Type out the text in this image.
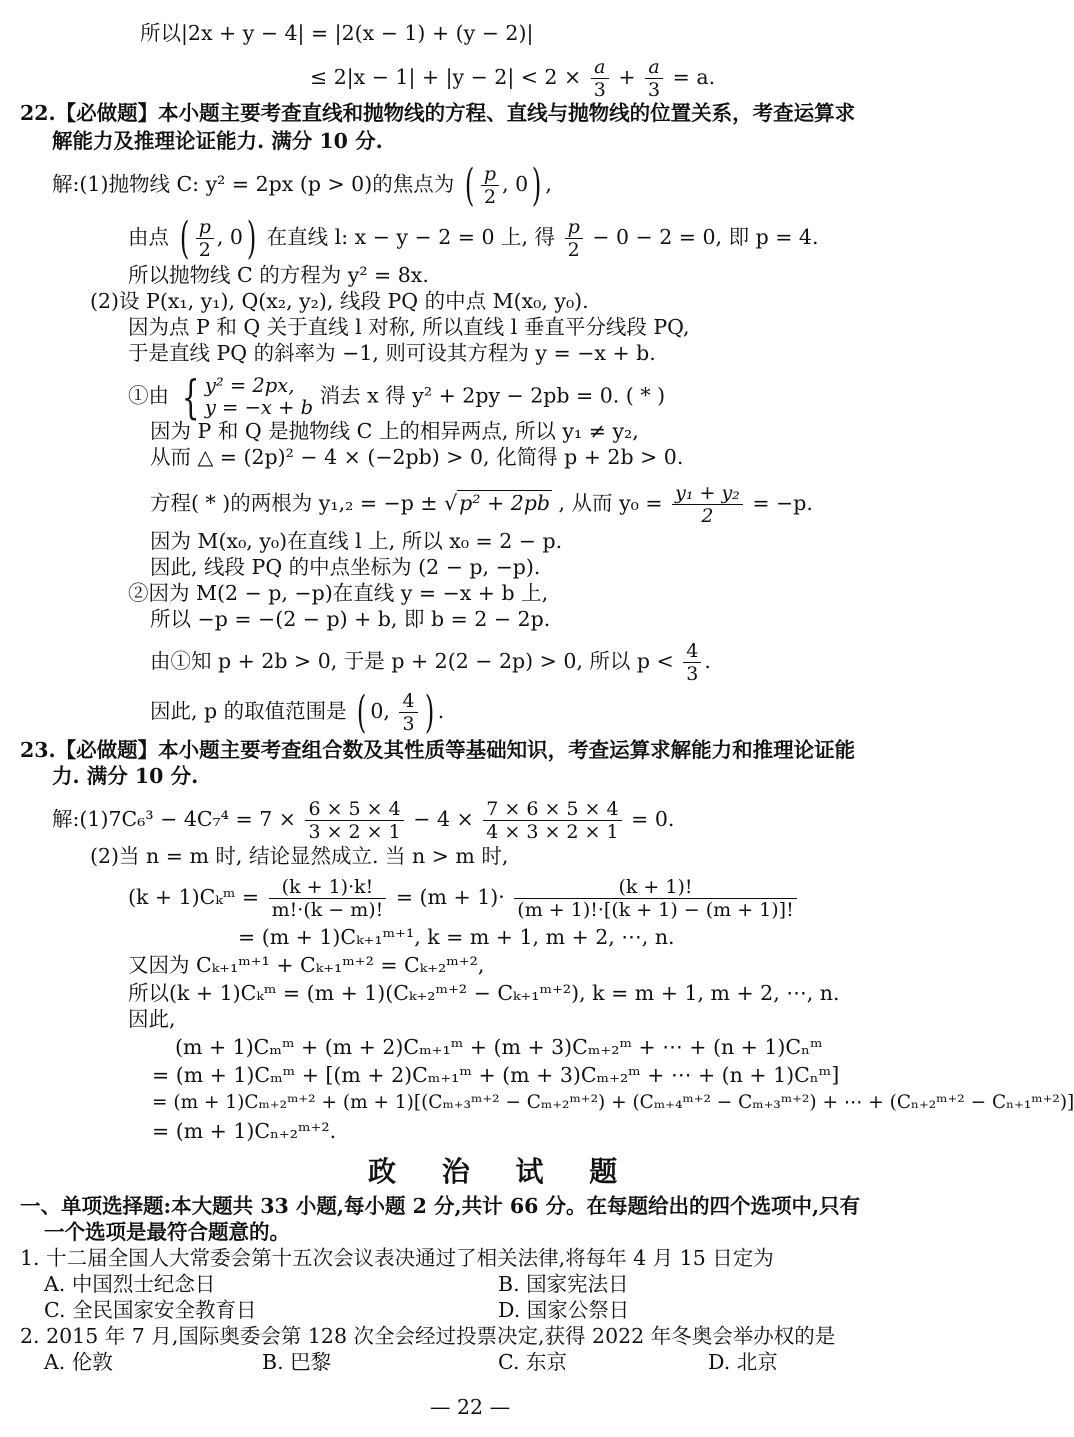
所以|2x + y − 4| = |2(x − 1) + (y − 2)|
≤ $2|x - 1| + |y - 2| < 2 \times \frac{a}{3} + \frac{a}{3} = a$.
22.【必做题】本小题主要考查直线和抛物线的方程、直线与抛物线的位置关系，考查运算求
解能力及推理论证能力. 满分 10 分.
解:(1)抛物线 C: y² = 2px (p > 0)的焦点为 ( $\frac{p}{2}$ , 0) ,
由点 ( $\frac{p}{2}$ , 0) 在直线 l: x − y − 2 = 0 上, 得 $\frac{p}{2} - 0 - 2 = 0$, 即 p = 4.
所以抛物线 C 的方程为 y² = 8x.
(2)设 P(x₁, y₁), Q(x₂, y₂), 线段 PQ 的中点 M(x₀, y₀).
因为点 P 和 Q 关于直线 l 对称, 所以直线 l 垂直平分线段 PQ,
于是直线 PQ 的斜率为 −1, 则可设其方程为 y = −x + b.
①由 { y² = 2px,
y = −x + b 消去 x 得 y² + 2py − 2pb = 0. ( * )
因为 P 和 Q 是抛物线 C 上的相异两点, 所以 y₁ ≠ y₂,
从而 △ = (2p)² − 4 × (−2pb) > 0, 化简得 p + 2b > 0.
方程( * )的两根为 y₁,₂ = −p ± √p² + 2pb , 从而 $y_0 = \frac{\text{y₁ + y₂}}{2} = -p$.
因为 M(x₀, y₀)在直线 l 上, 所以 x₀ = 2 − p.
因此, 线段 PQ 的中点坐标为 (2 − p, −p).
②因为 M(2 − p, −p)在直线 y = −x + b 上,
所以 −p = −(2 − p) + b, 即 b = 2 − 2p.
由①知 p + 2b > 0, 于是 p + 2(2 − 2p) > 0, 所以 $p < \frac{4}{3}$ .
因此, p 的取值范围是 ( 0, $\frac{4}{3}$ ) .
23.【必做题】本小题主要考查组合数及其性质等基础知识，考查运算求解能力和推理论证能
力. 满分 10 分.
解:(1)7C₆³ − $4C_7^4 = 7 \times \frac{6 \times 5 \times 4}{3 \times 2 \times 1} - 4 \times \frac{7 \times 6 \times 5 \times 4}{4 \times 3 \times 2 \times 1} = 0$.
(2)当 n = m 时, 结论显然成立. 当 n > m 时,
(k + 1)Cₖᵐ = $\frac{(k + 1)\cdot k!}{m!\cdot(k - m)!} = (m + 1)\cdot \frac{(k + 1)!}{(m + 1)!\cdot[(k + 1) - (m + 1)]!}$
= (m + 1)Cₖ₊₁ᵐ⁺¹, k = m + 1, m + 2, ⋯, n.
又因为 Cₖ₊₁ᵐ⁺¹ + Cₖ₊₁ᵐ⁺² = Cₖ₊₂ᵐ⁺²,
所以(k + 1)Cₖᵐ = (m + 1)(Cₖ₊₂ᵐ⁺² − Cₖ₊₁ᵐ⁺²), k = m + 1, m + 2, ⋯, n.
因此,
(m + 1)Cₘᵐ + (m + 2)Cₘ₊₁ᵐ + (m + 3)Cₘ₊₂ᵐ + ⋯ + (n + 1)Cₙᵐ
= (m + 1)Cₘᵐ + [(m + 2)Cₘ₊₁ᵐ + (m + 3)Cₘ₊₂ᵐ + ⋯ + (n + 1)Cₙᵐ]
= (m + 1)Cₘ₊₂ᵐ⁺² + (m + 1)[(Cₘ₊₃ᵐ⁺² − Cₘ₊₂ᵐ⁺²) + (Cₘ₊₄ᵐ⁺² − Cₘ₊₃ᵐ⁺²) + ⋯ + (Cₙ₊₂ᵐ⁺² − Cₙ₊₁ᵐ⁺²)]
= (m + 1)Cₙ₊₂ᵐ⁺².
政 治 试 题
一、单项选择题:本大题共 33 小题,每小题 2 分,共计 66 分。在每题给出的四个选项中,只有
一个选项是最符合题意的。
1. 十二届全国人大常委会第十五次会议表决通过了相关法律,将每年 4 月 15 日定为
A. 中国烈士纪念日	B. 国家宪法日
C. 全民国家安全教育日	D. 国家公祭日
2. 2015 年 7 月,国际奥委会第 128 次全会经过投票决定,获得 2022 年冬奥会举办权的是
A. 伦敦	B. 巴黎	C. 东京	D. 北京
— 22 —
